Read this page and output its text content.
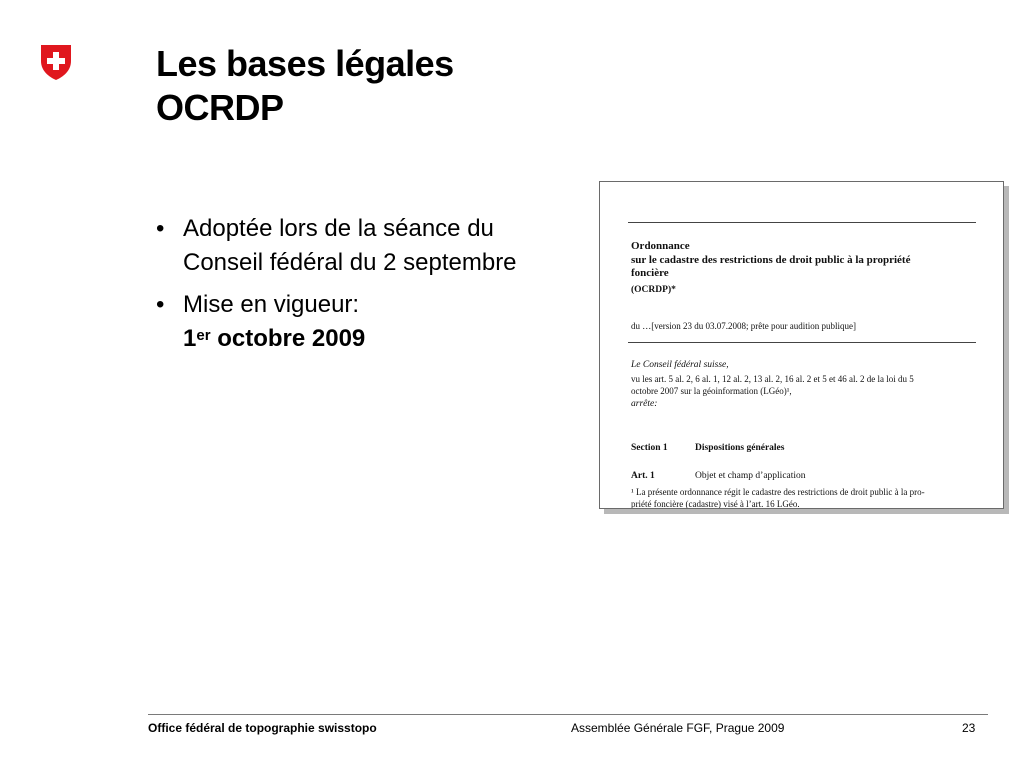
Les bases légales
OCRDP
• Adoptée lors de la séance du
Conseil fédéral du 2 septembre
• Mise en vigueur:
1er octobre 2009
Ordonnance
sur le cadastre des restrictions de droit public à la propriété
foncière
(OCRDP)*
du …[version 23 du 03.07.2008; prête pour audition publique]
Le Conseil fédéral suisse,
vu les art. 5 al. 2, 6 al. 1, 12 al. 2, 13 al. 2, 16 al. 2 et 5 et 46 al. 2 de la loi du 5
octobre 2007 sur la géoinformation (LGéo)¹,
arrête:
Section 1	Dispositions générales
Art. 1	Objet et champ d’application
¹ La présente ordonnance régit le cadastre des restrictions de droit public à la pro-
priété foncière (cadastre) visé à l’art. 16 LGéo.
Office fédéral de topographie swisstopo	Assemblée Générale FGF, Prague 2009	23
